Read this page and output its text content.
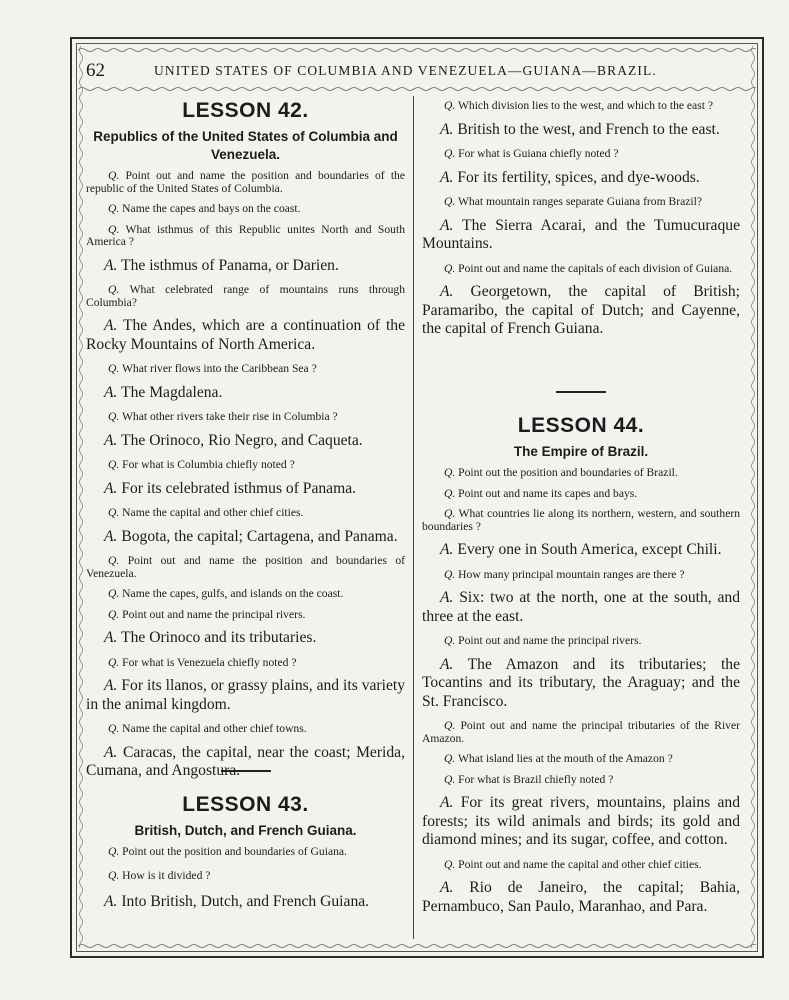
62	UNITED STATES OF COLUMBIA AND VENEZUELA—GUIANA—BRAZIL.
LESSON 42.
Republics of the United States of Columbia and Venezuela.

Q. Point out and name the position and boundaries of the republic of the United States of Columbia.

Q. Name the capes and bays on the coast.

Q. What isthmus of this Republic unites North and South America ?

A. The isthmus of Panama, or Darien.

Q. What celebrated range of mountains runs through Columbia?

A. The Andes, which are a continuation of the Rocky Mountains of North America.

Q. What river flows into the Caribbean Sea ?

A. The Magdalena.

Q. What other rivers take their rise in Columbia ?

A. The Orinoco, Rio Negro, and Caqueta.

Q. For what is Columbia chiefly noted ?

A. For its celebrated isthmus of Panama.

Q. Name the capital and other chief cities.

A. Bogota, the capital; Cartagena, and Panama.

Q. Point out and name the position and boundaries of Venezuela.

Q. Name the capes, gulfs, and islands on the coast.

Q. Point out and name the principal rivers.

A. The Orinoco and its tributaries.

Q. For what is Venezuela chiefly noted ?

A. For its llanos, or grassy plains, and its variety in the animal kingdom.

Q. Name the capital and other chief towns.

A. Caracas, the capital, near the coast; Merida, Cumana, and Angostura.

LESSON 43.
British, Dutch, and French Guiana.

Q. Point out the position and boundaries of Guiana.

Q. How is it divided ?

A. Into British, Dutch, and French Guiana.

Q. Which division lies to the west, and which to the east ?

A. British to the west, and French to the east.

Q. For what is Guiana chiefly noted ?

A. For its fertility, spices, and dye-woods.

Q. What mountain ranges separate Guiana from Brazil?

A. The Sierra Acarai, and the Tumucuraque Mountains.

Q. Point out and name the capitals of each division of Guiana.

A. Georgetown, the capital of British; Paramaribo, the capital of Dutch; and Cayenne, the capital of French Guiana.

LESSON 44.
The Empire of Brazil.

Q. Point out the position and boundaries of Brazil.

Q. Point out and name its capes and bays.

Q. What countries lie along its northern, western, and southern boundaries ?

A. Every one in South America, except Chili.

Q. How many principal mountain ranges are there ?

A. Six: two at the north, one at the south, and three at the east.

Q. Point out and name the principal rivers.

A. The Amazon and its tributaries; the Tocantins and its tributary, the Araguay; and the St. Francisco.

Q. Point out and name the principal tributaries of the River Amazon.

Q. What island lies at the mouth of the Amazon ?

Q. For what is Brazil chiefly noted ?

A. For its great rivers, mountains, plains and forests; its wild animals and birds; its gold and diamond mines; and its sugar, coffee, and cotton.

Q. Point out and name the capital and other chief cities.

A. Rio de Janeiro, the capital; Bahia, Pernambuco, San Paulo, Maranhao, and Para.
